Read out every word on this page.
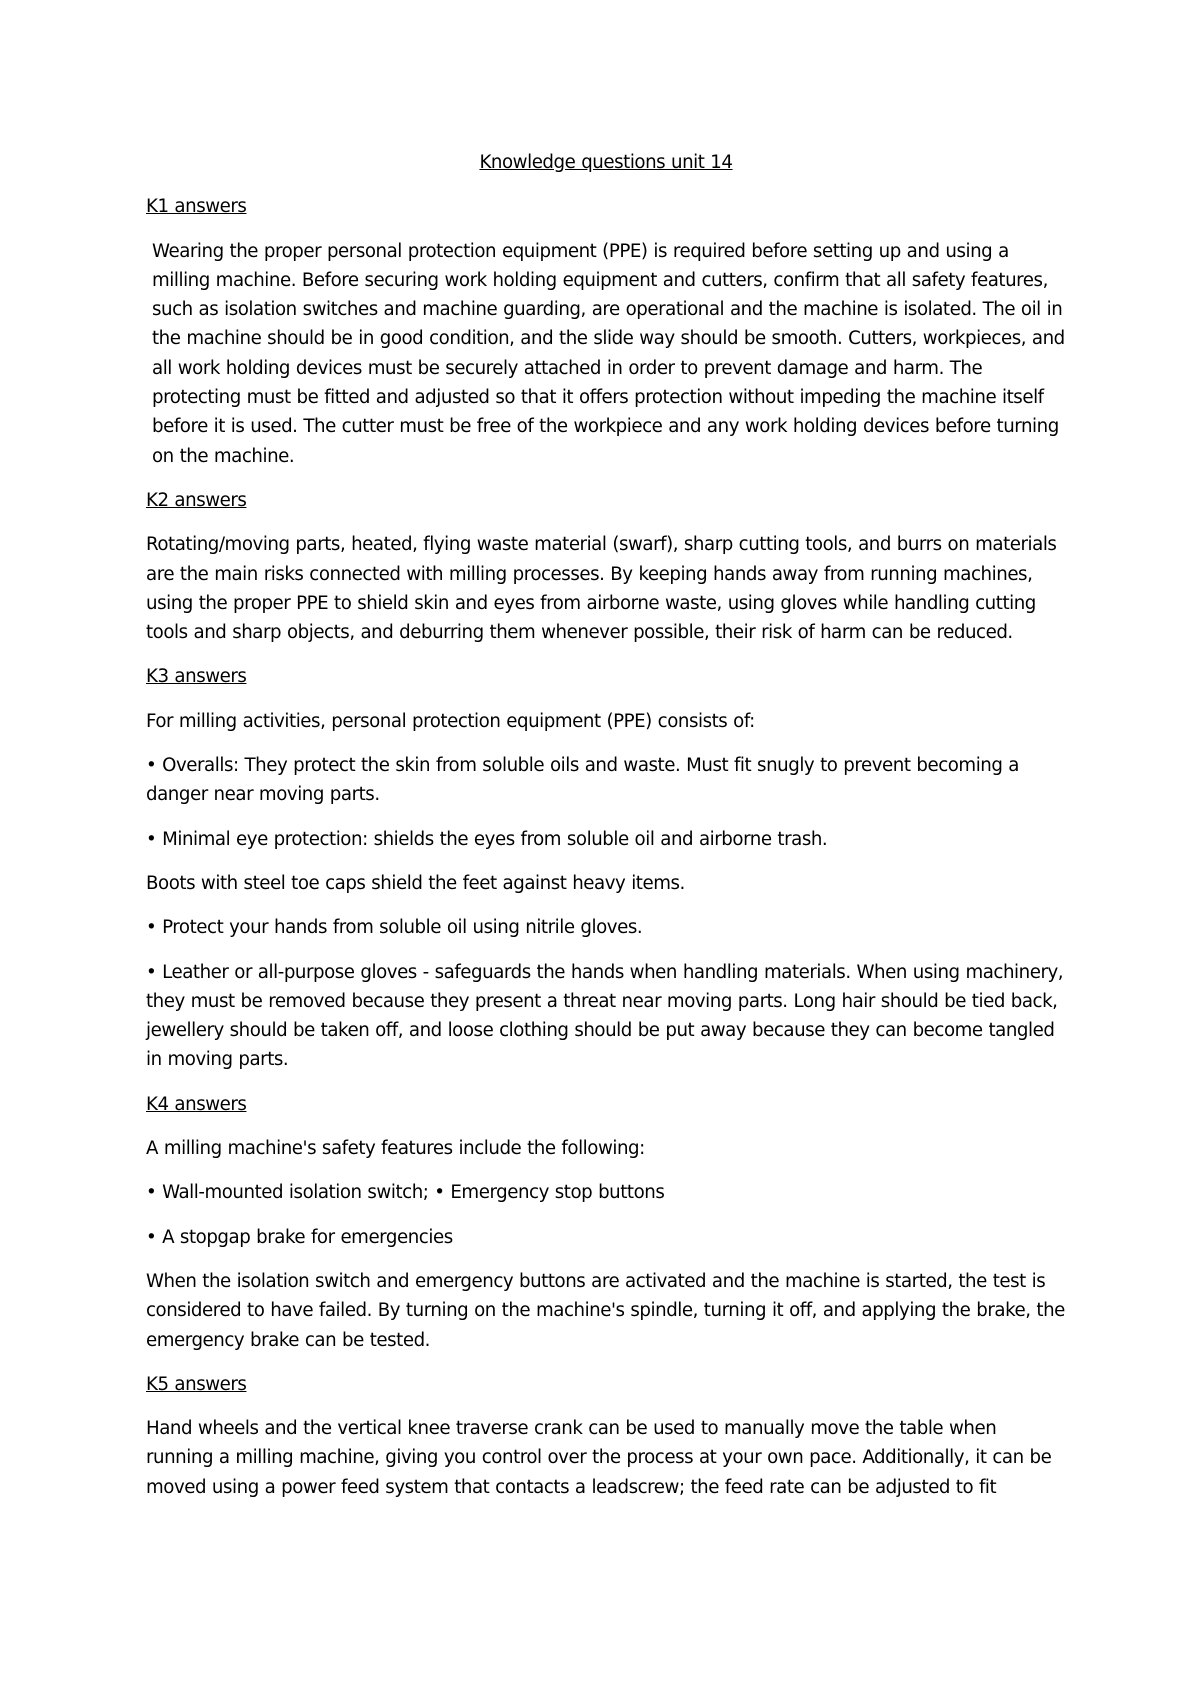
Knowledge questions unit 14

K1 answers

Wearing the proper personal protection equipment (PPE) is required before setting up and using a milling machine. Before securing work holding equipment and cutters, confirm that all safety features, such as isolation switches and machine guarding, are operational and the machine is isolated. The oil in the machine should be in good condition, and the slide way should be smooth. Cutters, workpieces, and all work holding devices must be securely attached in order to prevent damage and harm. The protecting must be fitted and adjusted so that it offers protection without impeding the machine itself before it is used. The cutter must be free of the workpiece and any work holding devices before turning on the machine.

K2 answers

Rotating/moving parts, heated, flying waste material (swarf), sharp cutting tools, and burrs on materials are the main risks connected with milling processes. By keeping hands away from running machines, using the proper PPE to shield skin and eyes from airborne waste, using gloves while handling cutting tools and sharp objects, and deburring them whenever possible, their risk of harm can be reduced.

K3 answers

For milling activities, personal protection equipment (PPE) consists of:

• Overalls: They protect the skin from soluble oils and waste. Must fit snugly to prevent becoming a danger near moving parts.

• Minimal eye protection: shields the eyes from soluble oil and airborne trash.

Boots with steel toe caps shield the feet against heavy items.

• Protect your hands from soluble oil using nitrile gloves.

• Leather or all-purpose gloves - safeguards the hands when handling materials. When using machinery, they must be removed because they present a threat near moving parts. Long hair should be tied back, jewellery should be taken off, and loose clothing should be put away because they can become tangled in moving parts.

K4 answers

A milling machine's safety features include the following:

• Wall-mounted isolation switch; • Emergency stop buttons

• A stopgap brake for emergencies

When the isolation switch and emergency buttons are activated and the machine is started, the test is considered to have failed. By turning on the machine's spindle, turning it off, and applying the brake, the emergency brake can be tested.

K5 answers

Hand wheels and the vertical knee traverse crank can be used to manually move the table when running a milling machine, giving you control over the process at your own pace. Additionally, it can be moved using a power feed system that contacts a leadscrew; the feed rate can be adjusted to fit
